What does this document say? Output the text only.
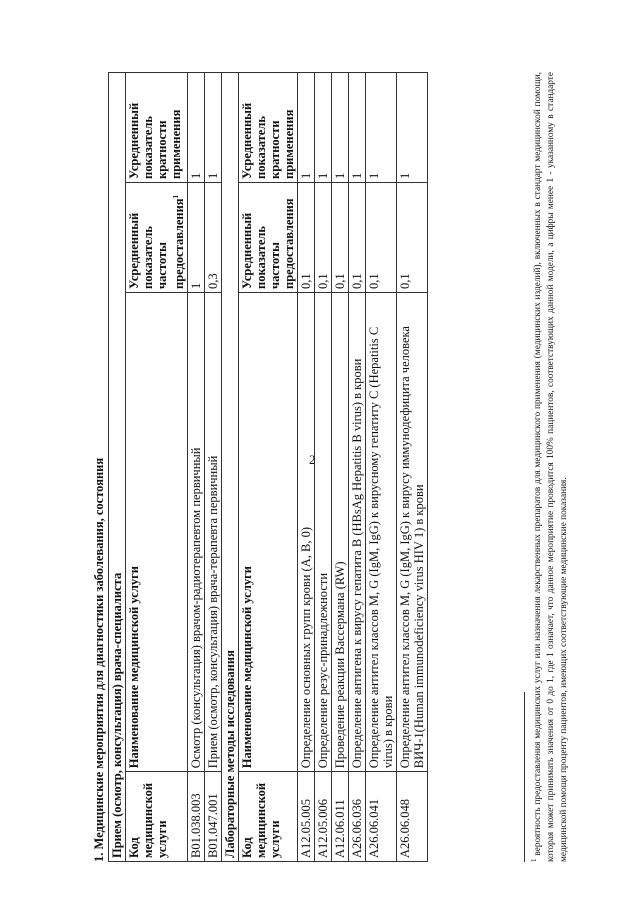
2
1. Медицинские мероприятия для диагностики заболевания, состояния Прием (осмотр, консультация) врача-специалиста			
Код медицинской услуги	Наименование медицинской услуги	Усредненный показатель частоты предоставления$^1$	Усредненный показатель кратности применения
B01.038.003	Осмотр (консультация) врачом-радиотерапевтом первичный	1	1
B01.047.001	Прием (осмотр, консультация) врача-терапевта первичный	0,3	1
Лабораторные методы исследования			
Код медицинской услуги	Наименование медицинской услуги	Усредненный показатель частоты предоставления	Усредненный показатель кратности применения
A12.05.005	Определение основных групп крови (A, B, 0)	0,1	1
A12.05.006	Определение резус-принадлежности	0,1	1
A12.06.011	Проведение реакции Вассермана (RW)	0,1	1
A26.06.036	Определение антигена к вирусу гепатита B (HBsAg Hepatitis B virus) в крови	0,1	1
A26.06.041	Определение антител классов M, G (IgM, IgG) к вирусному гепатиту C (Hepatitis C virus) в крови	0,1	1
A26.06.048	Определение антител классов M, G (IgM, IgG) к вирусу иммунодефицита человека ВИЧ-1(Human immunodeficiency virus HIV 1) в крови	0,1	1
$^1$ вероятность предоставления медицинских услуг или назначения лекарственных препаратов для медицинского применения (медицинских изделий), включенных в стандарт медицинской помощи, которая может принимать значения от 0 до 1, где 1 означает, что данное мероприятие проводится 100% пациентов, соответствующих данной модели, а цифры менее 1 - указанному в стандарте медицинской помощи проценту пациентов, имеющих соответствующие медицинские показания.
